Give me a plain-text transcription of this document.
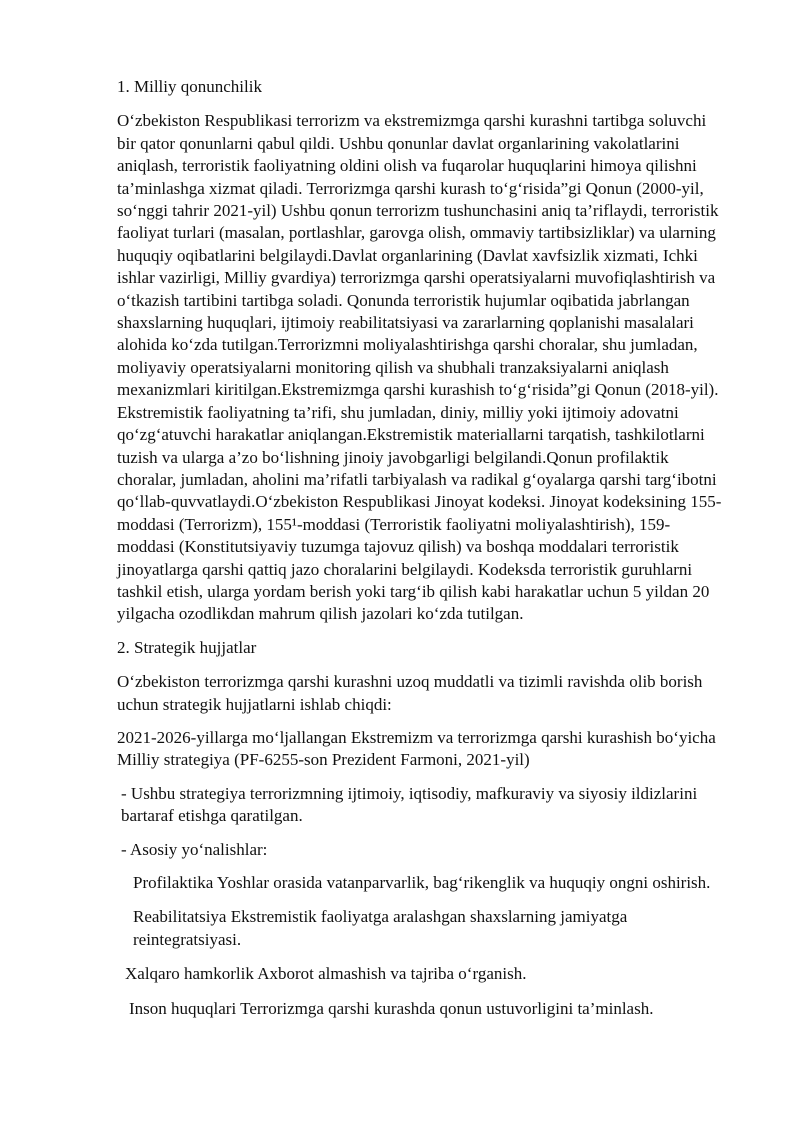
1. Milliy qonunchilik

O‘zbekiston Respublikasi terrorizm va ekstremizmga qarshi kurashni tartibga soluvchi bir qator qonunlarni qabul qildi. Ushbu qonunlar davlat organlarining vakolatlarini aniqlash, terroristik faoliyatning oldini olish va fuqarolar huquqlarini himoya qilishni ta’minlashga xizmat qiladi. Terrorizmga qarshi kurash to‘g‘risida”gi Qonun (2000-yil, so‘nggi tahrir 2021-yil) Ushbu qonun terrorizm tushunchasini aniq ta’riflaydi, terroristik faoliyat turlari (masalan, portlashlar, garovga olish, ommaviy tartibsizliklar) va ularning huquqiy oqibatlarini belgilaydi.Davlat organlarining (Davlat xavfsizlik xizmati, Ichki ishlar vazirligi, Milliy gvardiya) terrorizmga qarshi operatsiyalarni muvofiqlashtirish va o‘tkazish tartibini tartibga soladi. Qonunda terroristik hujumlar oqibatida jabrlangan shaxslarning huquqlari, ijtimoiy reabilitatsiyasi va zararlarning qoplanishi masalalari alohida ko‘zda tutilgan.Terrorizmni moliyalashtirishga qarshi choralar, shu jumladan, moliyaviy operatsiyalarni monitoring qilish va shubhali tranzaksiyalarni aniqlash mexanizmlari kiritilgan.Ekstremizmga qarshi kurashish to‘g‘risida”gi Qonun (2018-yil). Ekstremistik faoliyatning ta’rifi, shu jumladan, diniy, milliy yoki ijtimoiy adovatni qo‘zg‘atuvchi harakatlar aniqlangan.Ekstremistik materiallarni tarqatish, tashkilotlarni tuzish va ularga a’zo bo‘lishning jinoiy javobgarligi belgilandi.Qonun profilaktik choralar, jumladan, aholini ma’rifatli tarbiyalash va radikal g‘oyalarga qarshi targ‘ibotni qo‘llab-quvvatlaydi.O‘zbekiston Respublikasi Jinoyat kodeksi. Jinoyat kodeksining 155-moddasi (Terrorizm), 155¹-moddasi (Terroristik faoliyatni moliyalashtirish), 159-moddasi (Konstitutsiyaviy tuzumga tajovuz qilish) va boshqa moddalari terroristik jinoyatlarga qarshi qattiq jazo choralarini belgilaydi. Kodeksda terroristik guruhlarni tashkil etish, ularga yordam berish yoki targ‘ib qilish kabi harakatlar uchun 5 yildan 20 yilgacha ozodlikdan mahrum qilish jazolari ko‘zda tutilgan.

2. Strategik hujjatlar

O‘zbekiston terrorizmga qarshi kurashni uzoq muddatli va tizimli ravishda olib borish uchun strategik hujjatlarni ishlab chiqdi:

2021-2026-yillarga mo‘ljallangan Ekstremizm va terrorizmga qarshi kurashish bo‘yicha Milliy strategiya (PF-6255-son Prezident Farmoni, 2021-yil)

- Ushbu strategiya terrorizmning ijtimoiy, iqtisodiy, mafkuraviy va siyosiy ildizlarini bartaraf etishga qaratilgan.

- Asosiy yo‘nalishlar:

Profilaktika Yoshlar orasida vatanparvarlik, bag‘rikenglik va huquqiy ongni oshirish.

Reabilitatsiya Ekstremistik faoliyatga aralashgan shaxslarning jamiyatga reintegratsiyasi.

Xalqaro hamkorlik Axborot almashish va tajriba o‘rganish.

Inson huquqlari Terrorizmga qarshi kurashda qonun ustuvorligini ta’minlash.
